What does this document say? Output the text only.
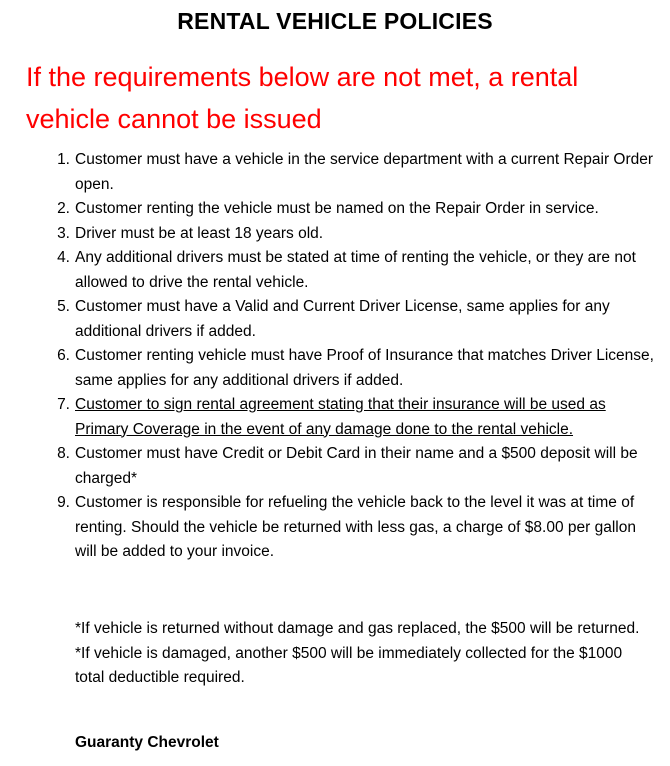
RENTAL VEHICLE POLICIES
If the requirements below are not met, a rental vehicle cannot be issued
1. Customer must have a vehicle in the service department with a current Repair Order open.
2. Customer renting the vehicle must be named on the Repair Order in service.
3. Driver must be at least 18 years old.
4. Any additional drivers must be stated at time of renting the vehicle, or they are not allowed to drive the rental vehicle.
5. Customer must have a Valid and Current Driver License, same applies for any additional drivers if added.
6. Customer renting vehicle must have Proof of Insurance that matches Driver License, same applies for any additional drivers if added.
7. Customer to sign rental agreement stating that their insurance will be used as Primary Coverage in the event of any damage done to the rental vehicle.
8. Customer must have Credit or Debit Card in their name and a $500 deposit will be charged*
9. Customer is responsible for refueling the vehicle back to the level it was at time of renting. Should the vehicle be returned with less gas, a charge of $8.00 per gallon will be added to your invoice.

*If vehicle is returned without damage and gas replaced, the $500 will be returned.

*If vehicle is damaged, another $500 will be immediately collected for the $1000 total deductible required.

Guaranty Chevrolet
